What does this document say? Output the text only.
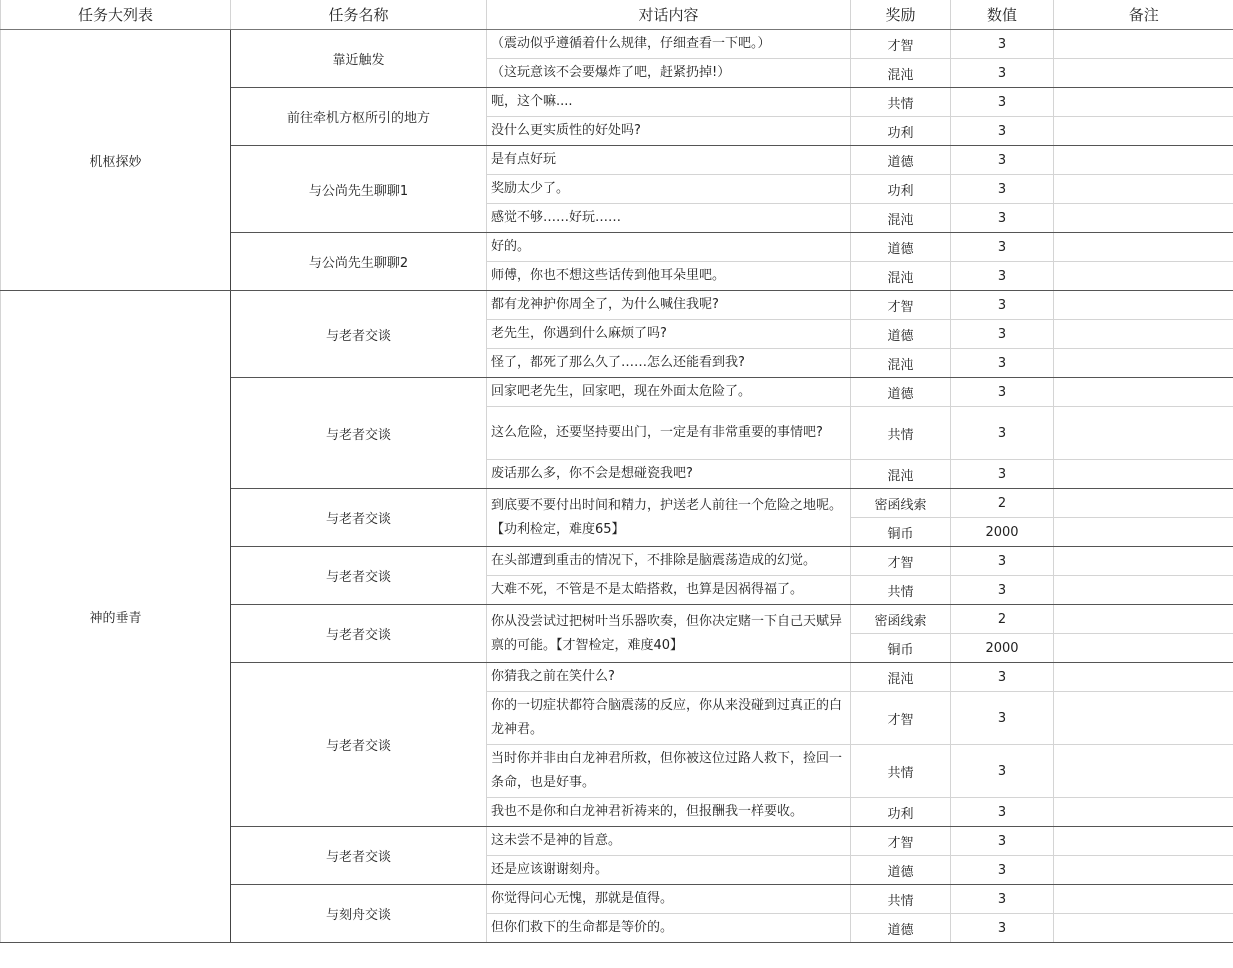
任务大列表	任务名称	对话内容	奖励	数值	备注
机枢探妙	靠近触发	（震动似乎遵循着什么规律，仔细查看一下吧。）	才智	3	
		（这玩意该不会要爆炸了吧，赶紧扔掉!）	混沌	3	
	前往牵机方枢所引的地方	呃，这个嘛....	共情	3	
		没什么更实质性的好处吗?	功利	3	
	与公尚先生聊聊1	是有点好玩	道德	3	
		奖励太少了。	功利	3	
		感觉不够……好玩……	混沌	3	
	与公尚先生聊聊2	好的。	道德	3	
		师傅，你也不想这些话传到他耳朵里吧。	混沌	3	
神的垂青	与老者交谈	都有龙神护你周全了，为什么喊住我呢?	才智	3	
		老先生，你遇到什么麻烦了吗?	道德	3	
		怪了，都死了那么久了……怎么还能看到我?	混沌	3	
	与老者交谈	回家吧老先生，回家吧，现在外面太危险了。	道德	3	
		这么危险，还要坚持要出门，一定是有非常重要的事情吧?	共情	3	
		废话那么多，你不会是想碰瓷我吧?	混沌	3	
	与老者交谈	到底要不要付出时间和精力，护送老人前往一个危险之地呢。【功利检定，难度65】	密函线索	2	
			铜币	2000	
	与老者交谈	在头部遭到重击的情况下，不排除是脑震荡造成的幻觉。	才智	3	
		大难不死，不管是不是太皓搭救，也算是因祸得福了。	共情	3	
	与老者交谈	你从没尝试过把树叶当乐器吹奏，但你决定赌一下自己天赋异禀的可能。【才智检定，难度40】	密函线索	2	
			铜币	2000	
	与老者交谈	你猜我之前在笑什么?	混沌	3	
		你的一切症状都符合脑震荡的反应，你从来没碰到过真正的白龙神君。	才智	3	
		当时你并非由白龙神君所救，但你被这位过路人救下，捡回一条命，也是好事。	共情	3	
		我也不是你和白龙神君祈祷来的，但报酬我一样要收。	功利	3	
	与老者交谈	这未尝不是神的旨意。	才智	3	
		还是应该谢谢刻舟。	道德	3	
	与刻舟交谈	你觉得问心无愧，那就是值得。	共情	3	
		但你们救下的生命都是等价的。	道德	3	
